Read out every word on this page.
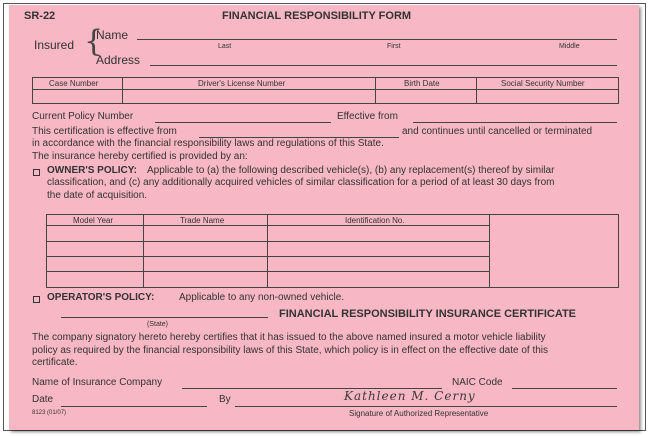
SR-22	FINANCIAL RESPONSIBILITY FORM
Insured {
Name
Last	First	Middle
Address
Case Number	Driver's License Number	Birth Date	Social Security Number
Current Policy Number	Effective from
This certification is effective from	and continues until cancelled or terminated
in accordance with the financial responsibility laws and regulations of this State.
The insurance hereby certified is provided by an:
OWNER'S POLICY: Applicable to (a) the following described vehicle(s), (b) any replacement(s) thereof by similar
classification, and (c) any additionally acquired vehicles of similar classification for a period of at least 30 days from
the date of acquisition.
Model Year	Trade Name	Identification No.
OPERATOR'S POLICY: Applicable to any non-owned vehicle.
(State)
FINANCIAL RESPONSIBILITY INSURANCE CERTIFICATE
The company signatory hereto hereby certifies that it has issued to the above named insured a motor vehicle liability
policy as required by the financial responsibility laws of this State, which policy is in effect on the effective date of this
certificate.
Name of Insurance Company	NAIC Code
Date	By	Kathleen M. Cerny
Signature of Authorized Representative
8123 (01/07)
